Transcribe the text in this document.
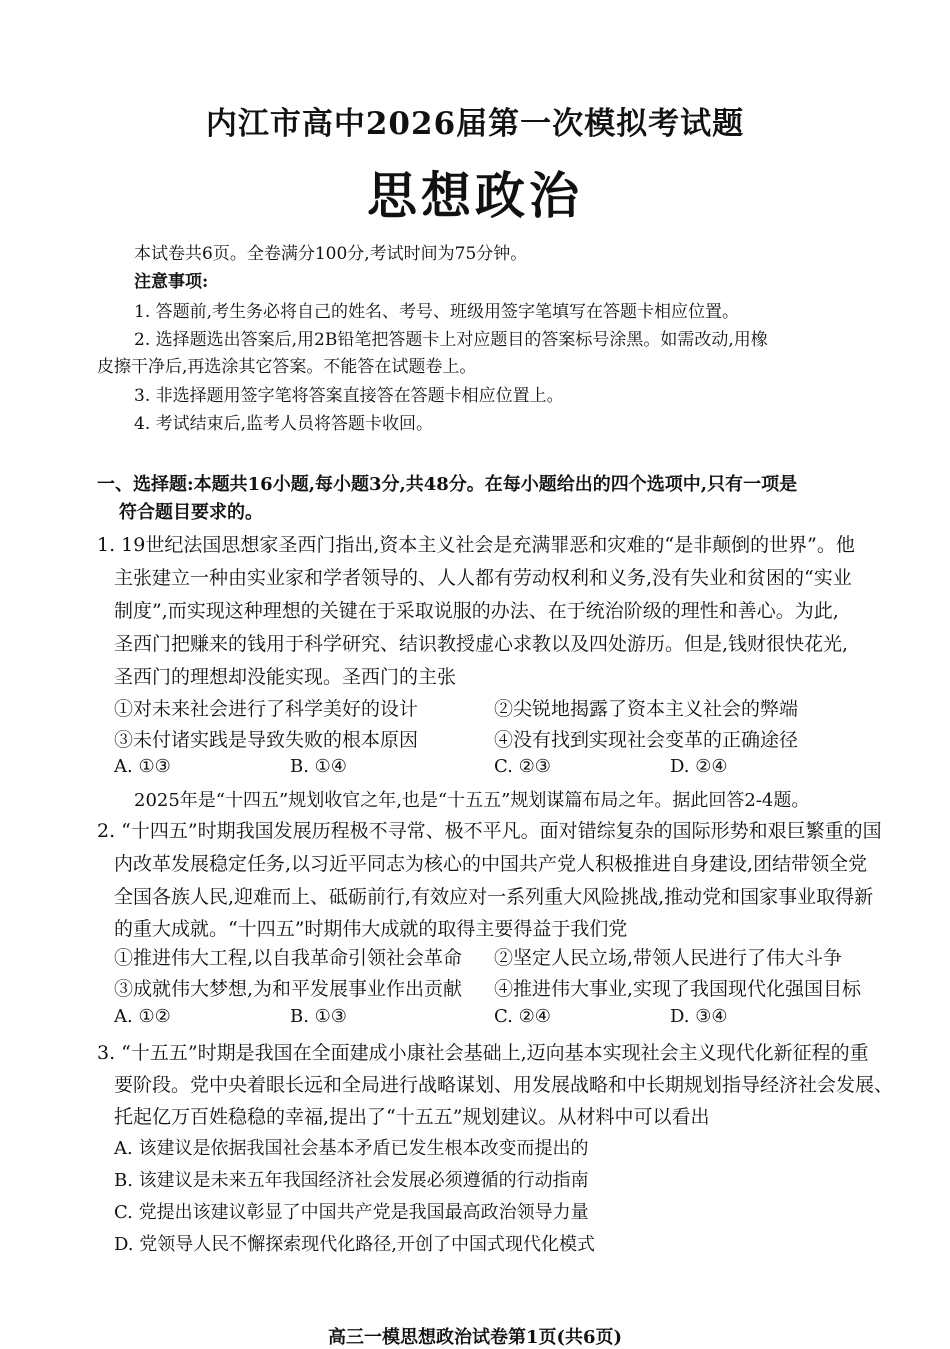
内江市高中2026届第一次模拟考试题
思想政治
本试卷共6页。全卷满分100分,考试时间为75分钟。
注意事项:
1. 答题前,考生务必将自己的姓名、考号、班级用签字笔填写在答题卡相应位置。
2. 选择题选出答案后,用2B铅笔把答题卡上对应题目的答案标号涂黑。如需改动,用橡
皮擦干净后,再选涂其它答案。不能答在试题卷上。
3. 非选择题用签字笔将答案直接答在答题卡相应位置上。
4. 考试结束后,监考人员将答题卡收回。
一、选择题:本题共16小题,每小题3分,共48分。在每小题给出的四个选项中,只有一项是
符合题目要求的。
1. 19世纪法国思想家圣西门指出,资本主义社会是充满罪恶和灾难的“是非颠倒的世界”。他
主张建立一种由实业家和学者领导的、人人都有劳动权利和义务,没有失业和贫困的“实业
制度”,而实现这种理想的关键在于采取说服的办法、在于统治阶级的理性和善心。为此,
圣西门把赚来的钱用于科学研究、结识教授虚心求教以及四处游历。但是,钱财很快花光,
圣西门的理想却没能实现。圣西门的主张
①对未来社会进行了科学美好的设计	②尖锐地揭露了资本主义社会的弊端
③未付诸实践是导致失败的根本原因	④没有找到实现社会变革的正确途径
A. ①③	B. ①④	C. ②③	D. ②④
2025年是“十四五”规划收官之年,也是“十五五”规划谋篇布局之年。据此回答2-4题。
2. “十四五”时期我国发展历程极不寻常、极不平凡。面对错综复杂的国际形势和艰巨繁重的国
内改革发展稳定任务,以习近平同志为核心的中国共产党人积极推进自身建设,团结带领全党
全国各族人民,迎难而上、砥砺前行,有效应对一系列重大风险挑战,推动党和国家事业取得新
的重大成就。“十四五”时期伟大成就的取得主要得益于我们党
①推进伟大工程,以自我革命引领社会革命 ②坚定人民立场,带领人民进行了伟大斗争
③成就伟大梦想,为和平发展事业作出贡献 ④推进伟大事业,实现了我国现代化强国目标
A. ①②	B. ①③	C. ②④	D. ③④
3. “十五五”时期是我国在全面建成小康社会基础上,迈向基本实现社会主义现代化新征程的重
要阶段。党中央着眼长远和全局进行战略谋划、用发展战略和中长期规划指导经济社会发展、
托起亿万百姓稳稳的幸福,提出了“十五五”规划建议。从材料中可以看出
A. 该建议是依据我国社会基本矛盾已发生根本改变而提出的
B. 该建议是未来五年我国经济社会发展必须遵循的行动指南
C. 党提出该建议彰显了中国共产党是我国最高政治领导力量
D. 党领导人民不懈探索现代化路径,开创了中国式现代化模式
高三一模思想政治试卷第1页(共6页)
